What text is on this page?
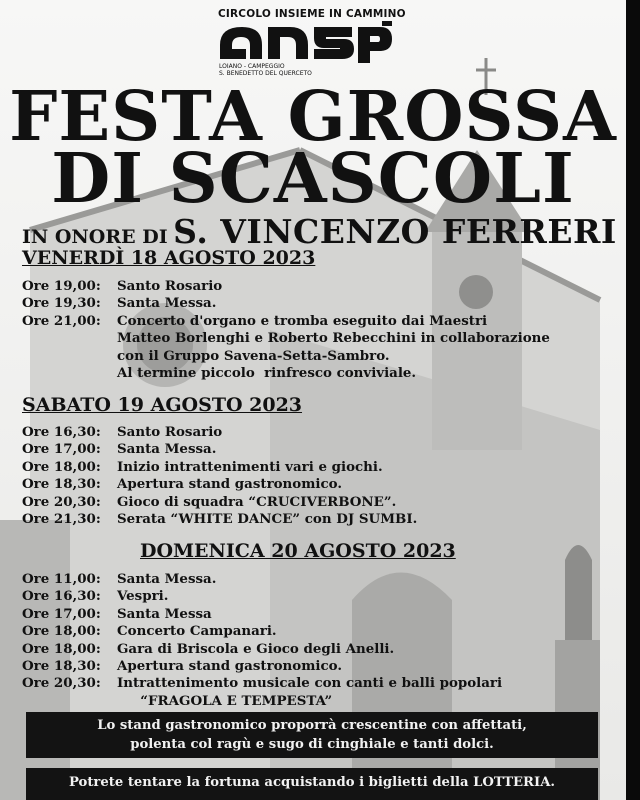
CIRCOLO INSIEME IN CAMMINO
LOIANO - CAMPEGGIO
S. BENEDETTO DEL QUERCETO
FESTA GROSSA
DI SCASCOLI
IN ONORE DI S. VINCENZO FERRERI
VENERDÌ 18 AGOSTO 2023
Ore 19,00:	Santo Rosario
Ore 19,30:	Santa Messa.
Ore 21,00:	Concerto d'organo e tromba eseguito dai Maestri
Matteo Borlenghi e Roberto Rebecchini in collaborazione
con il Gruppo Savena-Setta-Sambro.
Al termine piccolo  rinfresco conviviale.
SABATO 19 AGOSTO 2023
Ore 16,30:	Santo Rosario
Ore 17,00:	Santa Messa.
Ore 18,00:	Inizio intrattenimenti vari e giochi.
Ore 18,30:	Apertura stand gastronomico.
Ore 20,30:	Gioco di squadra “CRUCIVERBONE”.
Ore 21,30:	Serata “WHITE DANCE” con DJ SUMBI.
DOMENICA 20 AGOSTO 2023
Ore 11,00:	Santa Messa.
Ore 16,30:	Vespri.
Ore 17,00:	Santa Messa
Ore 18,00:	Concerto Campanari.
Ore 18,00:	Gara di Briscola e Gioco degli Anelli.
Ore 18,30:	Apertura stand gastronomico.
Ore 20,30:	Intrattenimento musicale con canti e balli popolari
“FRAGOLA E TEMPESTA”
Lo stand gastronomico proporrà crescentine con affettati,
polenta col ragù e sugo di cinghiale e tanti dolci.
Potrete tentare la fortuna acquistando i biglietti della LOTTERIA.
